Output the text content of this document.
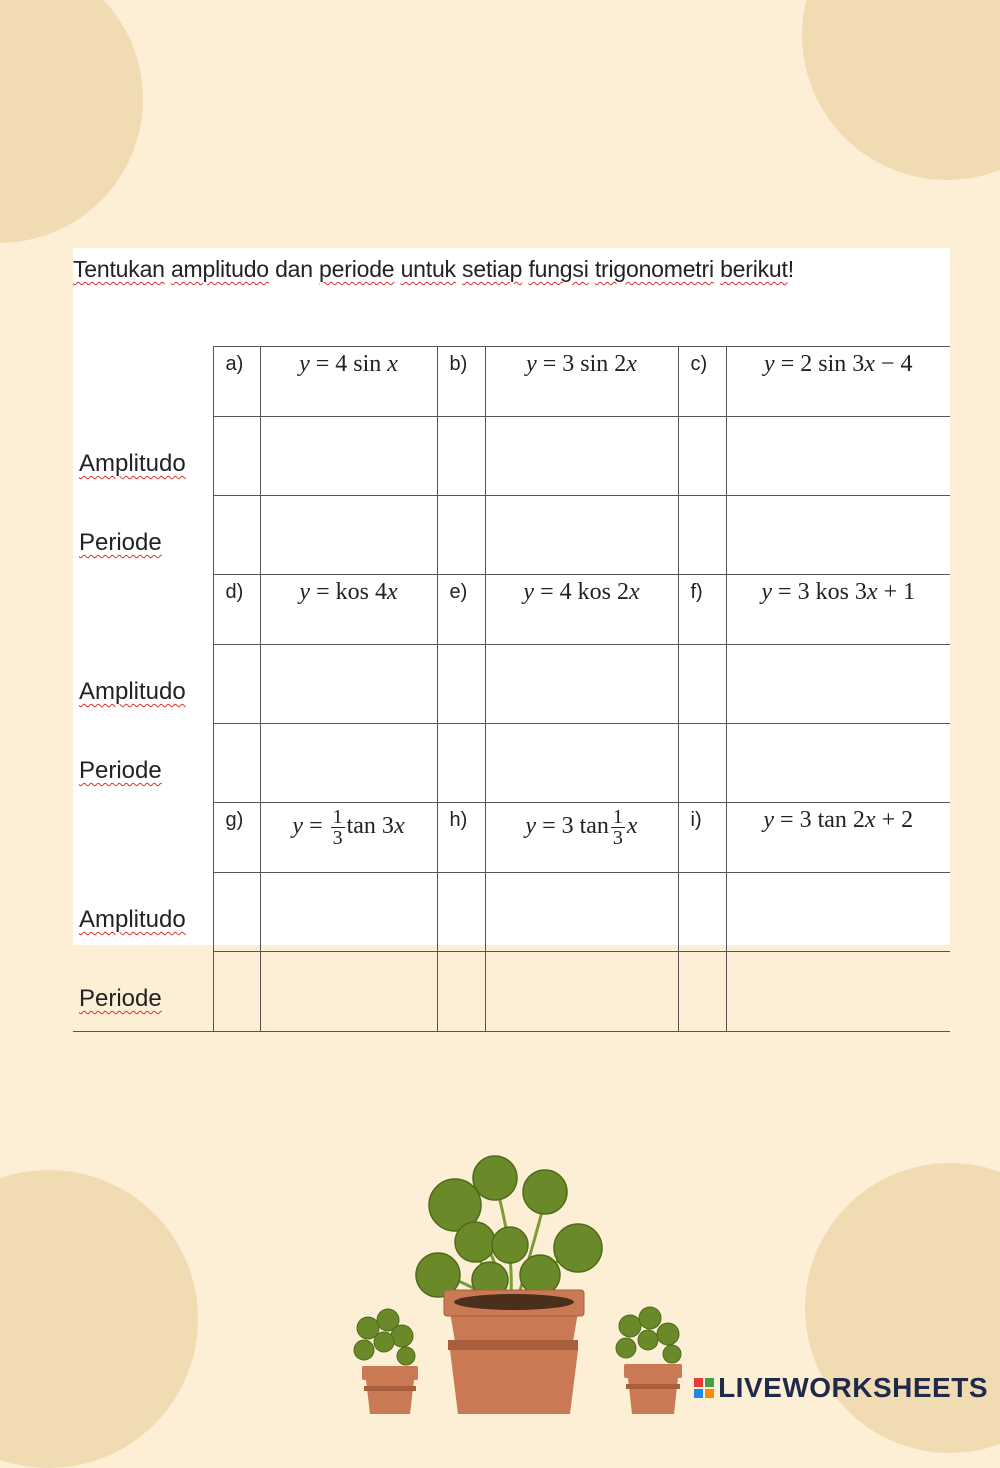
Tentukan amplitudo dan periode untuk setiap fungsi trigonometri berikut!
	a)	y = 4 sin x	b)	y = 3 sin 2x	c)	y = 2 sin 3x − 4
Amplitudo						
Periode						
	d)	y = kos 4x	e)	y = 4 kos 2x	f)	y = 3 kos 3x + 1
Amplitudo						
Periode						
	g)	$y = \frac{1}{3}$ tan 3x	h)	y = 3 $\tan \frac{1}{3}$ x	i)	y = 3 tan 2x + 2
Amplitudo						
Periode						
LIVEWORKSHEETS
